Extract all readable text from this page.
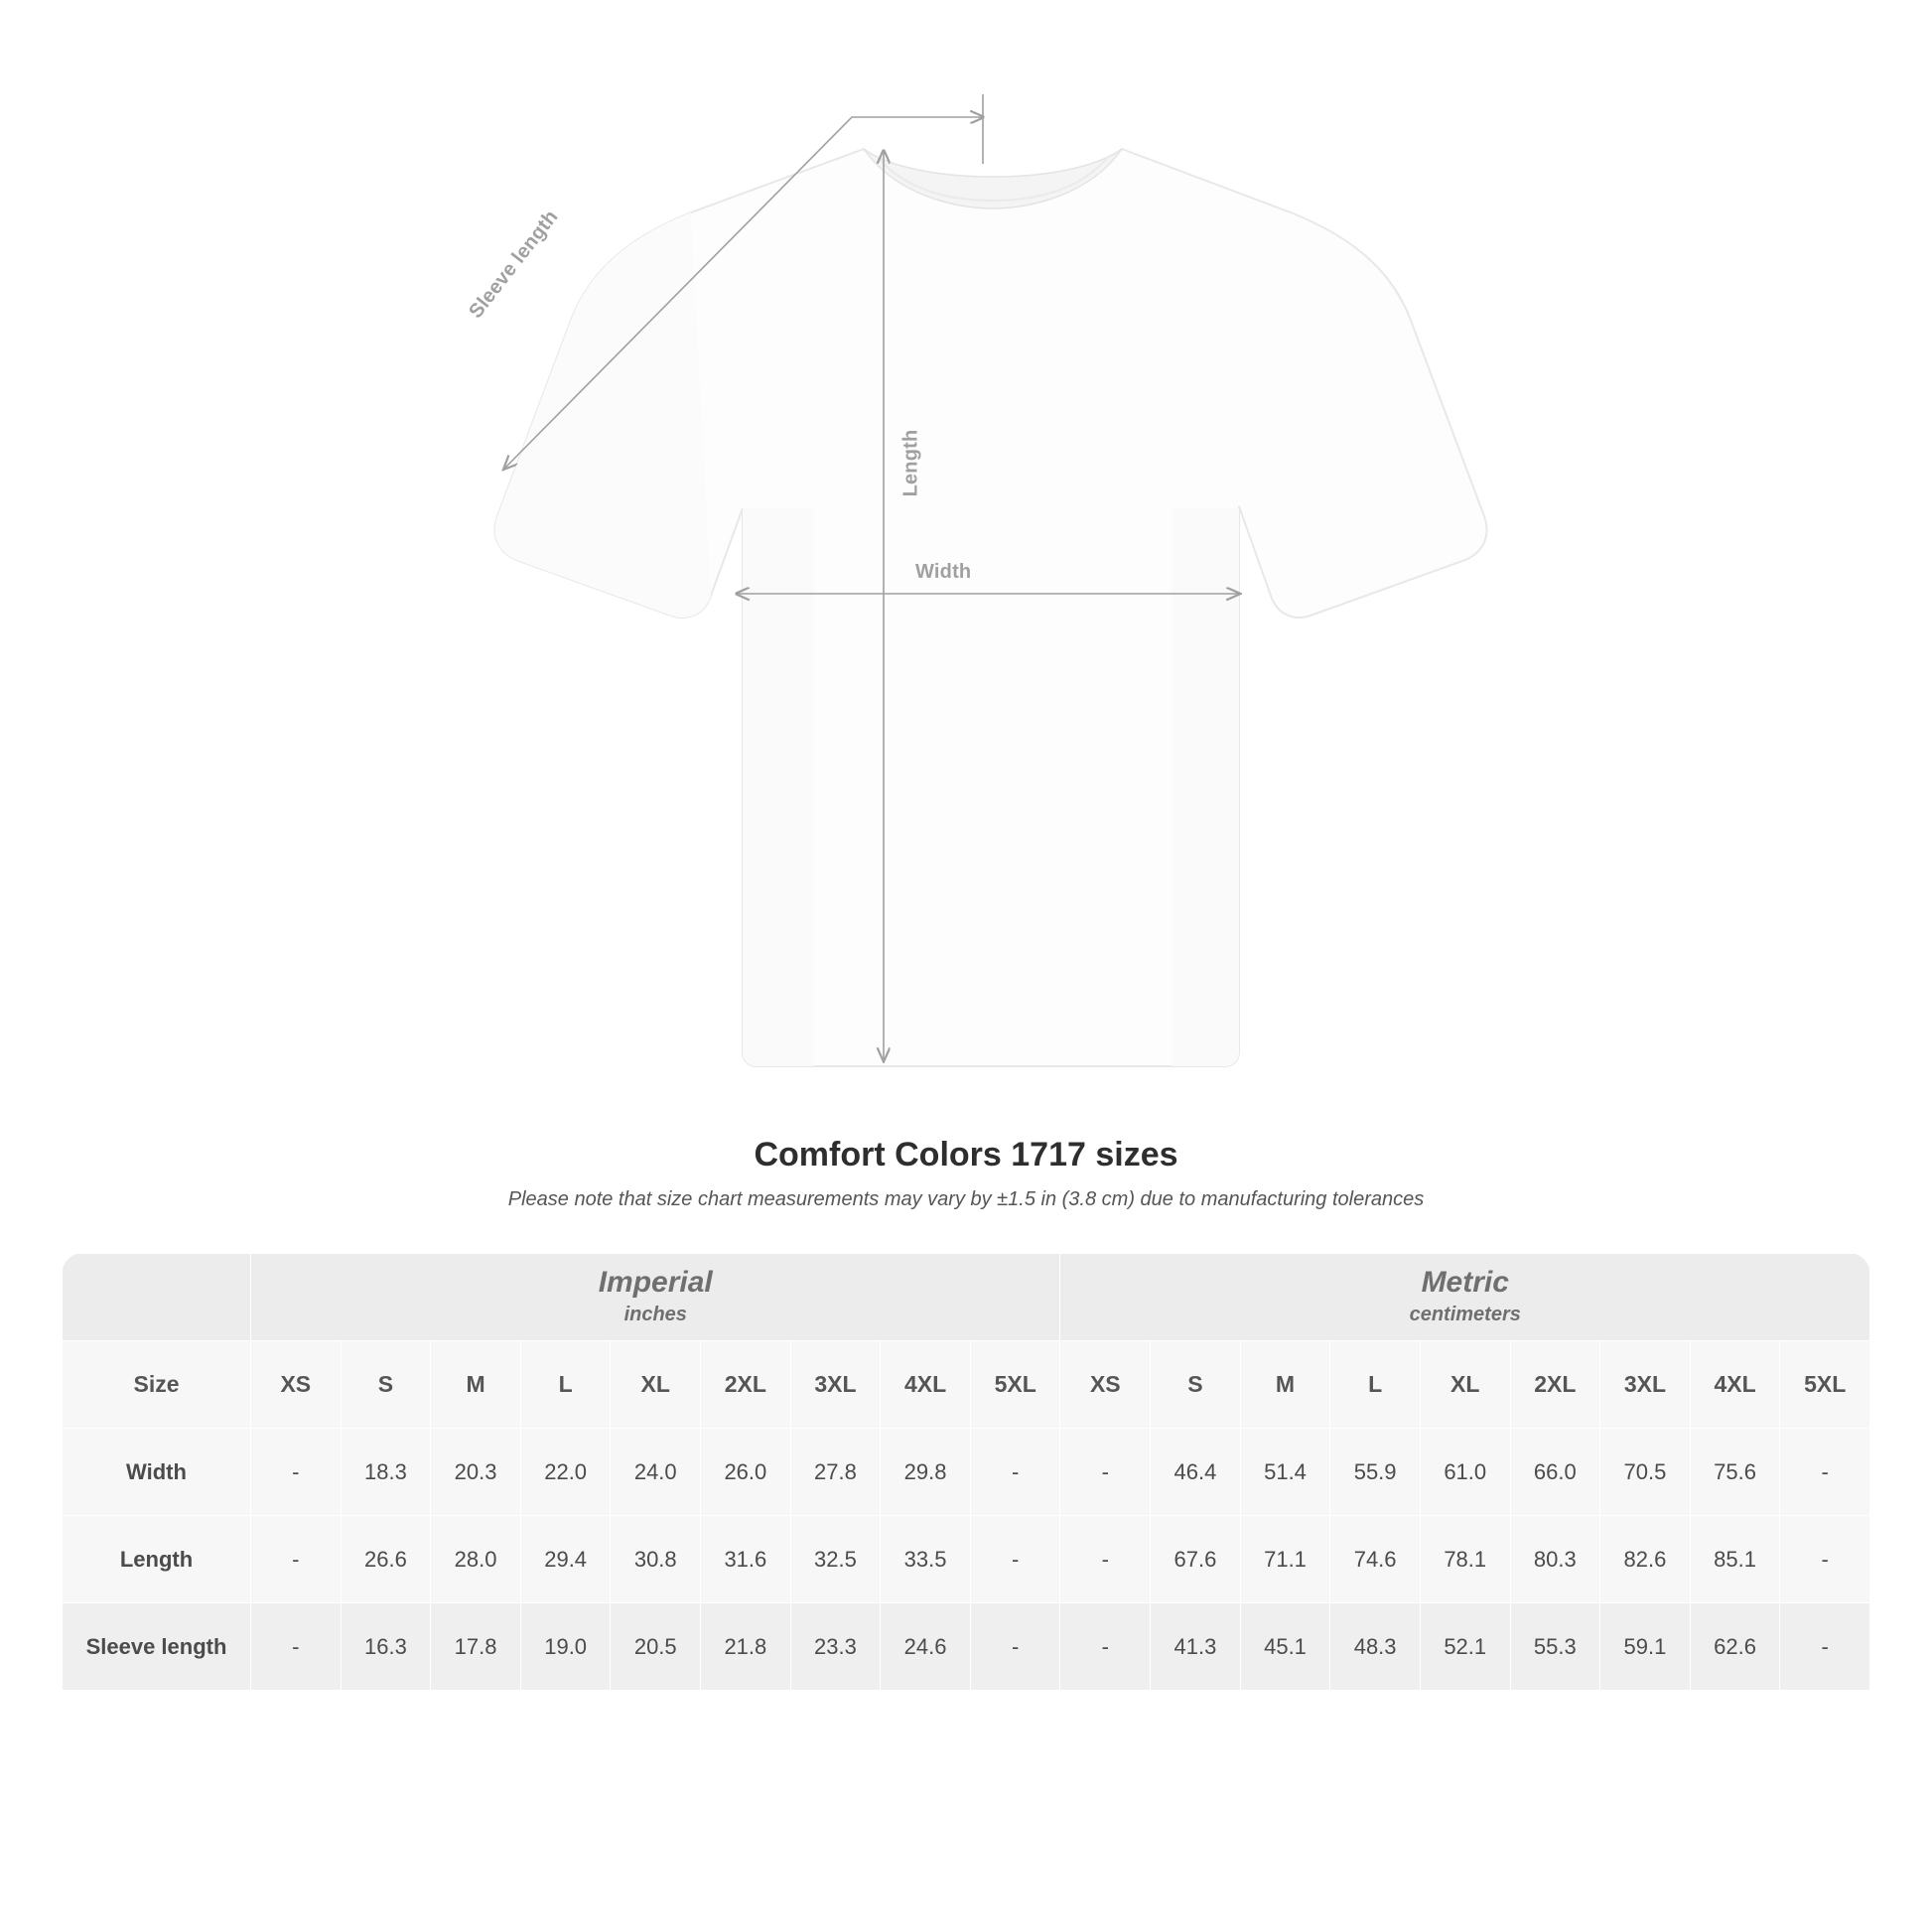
Sleeve length
Length
Width
Comfort Colors 1717 sizes

Please note that size chart measurements may vary by ±1.5 in (3.8 cm) due to manufacturing tolerances

	Imperial
inches									Metric
centimeters								

Size	XS	S	M	L	XL	2XL	3XL	4XL	5XL	XS	S	M	L	XL	2XL	3XL	4XL	5XL
Width	-	18.3	20.3	22.0	24.0	26.0	27.8	29.8	-	-	46.4	51.4	55.9	61.0	66.0	70.5	75.6	-
Length	-	26.6	28.0	29.4	30.8	31.6	32.5	33.5	-	-	67.6	71.1	74.6	78.1	80.3	82.6	85.1	-
Sleeve length	-	16.3	17.8	19.0	20.5	21.8	23.3	24.6	-	-	41.3	45.1	48.3	52.1	55.3	59.1	62.6	-
